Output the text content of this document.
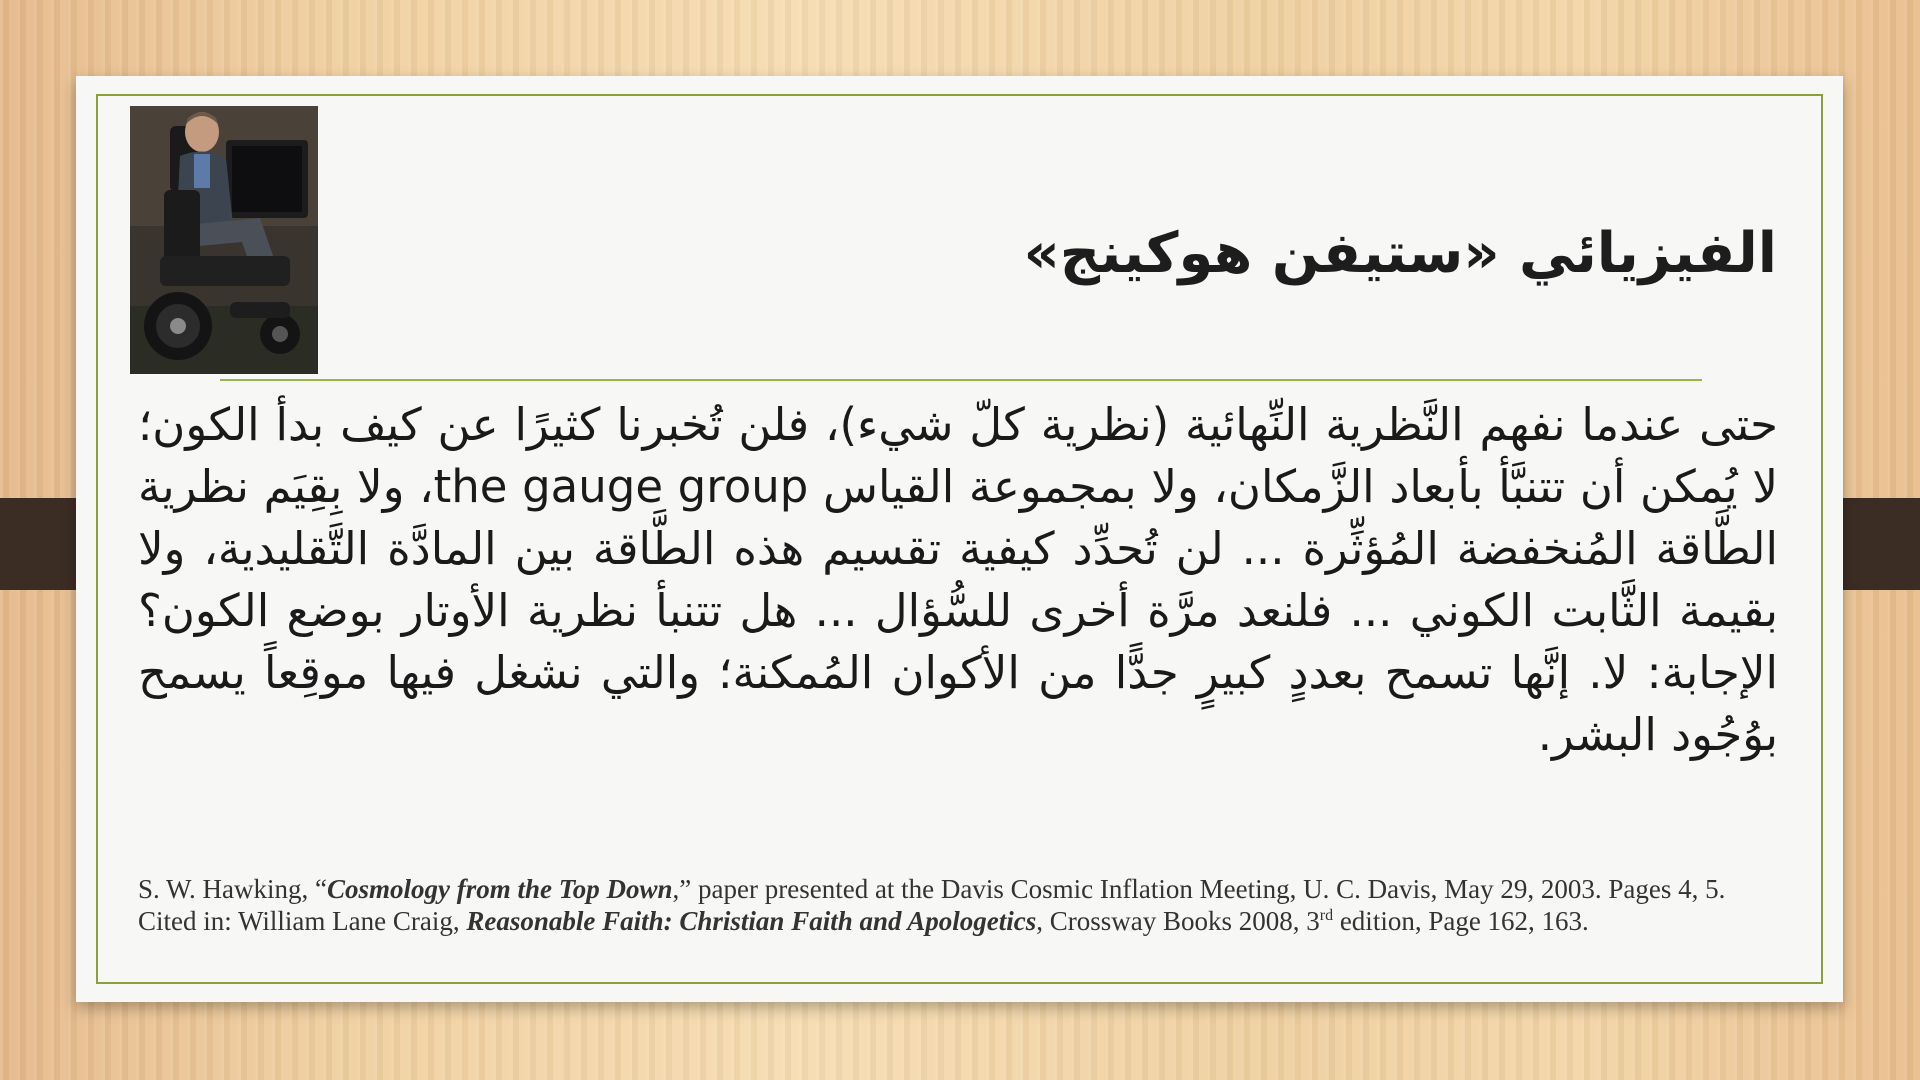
الفيزيائي «ستيفن هوكينج»

حتى عندما نفهم النَّظرية النِّهائية (نظرية كلّ شيء)، فلن تُخبرنا كثيرًا عن كيف بدأ الكون؛ لا يُمكن أن تتنبَّأ بأبعاد الزَّمكان، ولا بمجموعة القياس the gauge group، ولا بِقِيَم نظرية الطَّاقة المُنخفضة المُؤثِّرة ... لن تُحدِّد كيفية تقسيم هذه الطَّاقة بين المادَّة التَّقليدية، ولا بقيمة الثَّابت الكوني ... فلنعد مرَّة أخرى للسُّؤال ... هل تتنبأ نظرية الأوتار بوضع الكون؟ الإجابة: لا. إنَّها تسمح بعددٍ كبيرٍ جدًّا من الأكوان المُمكنة؛ والتي نشغل فيها موقِعاً يسمح بوُجُود البشر.

S. W. Hawking, “Cosmology from the Top Down,” paper presented at the Davis Cosmic Inflation Meeting, U. C. Davis, May 29, 2003. Pages 4, 5. Cited in: William Lane Craig, Reasonable Faith: Christian Faith and Apologetics, Crossway Books 2008, 3rd edition, Page 162, 163.
